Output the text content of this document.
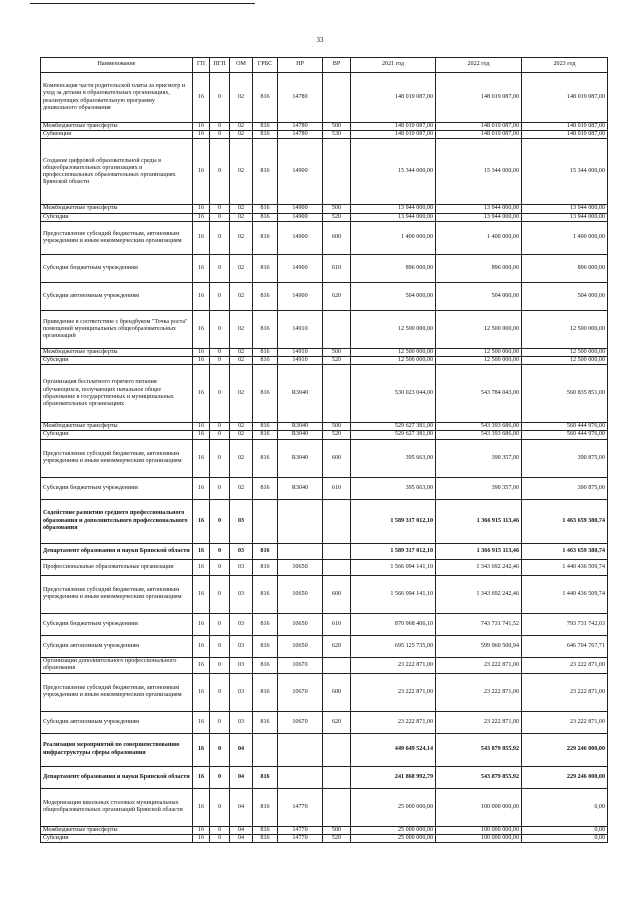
33
Наименование	ГП	ПГП	ОМ	ГРБС	НР	ВР	2021 год	2022 год	2023 год
Компенсация части родительской платы за присмотр и уход за детьми в образовательных организациях, реализующих образовательную программу дошкольного образования	16	0	02	816	14780		148 019 087,00	148 019 087,00	148 019 087,00
Межбюджетные трансферты	16	0	02	816	14780	500	148 019 087,00	148 019 087,00	148 019 087,00
Субвенции	16	0	02	816	14780	530	148 019 087,00	148 019 087,00	148 019 087,00
Создание цифровой образовательной среды в общеобразовательных организациях и профессиональных образовательных организациях Брянской области	16	0	02	816	14900		15 344 000,00	15 344 000,00	15 344 000,00
Межбюджетные трансферты	16	0	02	816	14900	500	13 944 000,00	13 944 000,00	13 944 000,00
Субсидии	16	0	02	816	14900	520	13 944 000,00	13 944 000,00	13 944 000,00
Предоставление субсидий бюджетным, автономным учреждениям и иным некоммерческим организациям	16	0	02	816	14900	600	1 400 000,00	1 400 000,00	1 400 000,00
Субсидии бюджетным учреждениям	16	0	02	816	14900	610	896 000,00	896 000,00	896 000,00
Субсидии автономным учреждениям	16	0	02	816	14900	620	504 000,00	504 000,00	504 000,00
Приведение в соответствие с брендбуком "Точка роста" помещений муниципальных общеобразовательных организаций	16	0	02	816	14910		12 500 000,00	12 500 000,00	12 500 000,00
Межбюджетные трансферты	16	0	02	816	14910	500	12 500 000,00	12 500 000,00	12 500 000,00
Субсидии	16	0	02	816	14910	520	12 500 000,00	12 500 000,00	12 500 000,00
Организация бесплатного горячего питания обучающихся, получающих начальное общее образование в государственных и муниципальных образовательных организациях	16	0	02	816	R3040		530 023 044,00	543 784 043,00	560 835 851,00
Межбюджетные трансферты	16	0	02	816	R3040	500	529 627 381,00	543 393 686,00	560 444 976,00
Субсидии	16	0	02	816	R3040	520	529 627 381,00	543 393 686,00	560 444 976,00
Предоставление субсидий бюджетным, автономным учреждениям и иным некоммерческим организациям	16	0	02	816	R3040	600	395 663,00	390 357,00	390 875,00
Субсидии бюджетным учреждениям	16	0	02	816	R3040	610	395 663,00	390 357,00	390 875,00
Содействие развитию среднего профессионального образования и дополнительного профессионального образования	16	0	03				1 589 317 012,10	1 366 915 113,46	1 463 659 380,74
Департамент образования и науки Брянской области	16	0	03	816			1 589 317 012,10	1 366 915 113,46	1 463 659 380,74
Профессиональные образовательные организации	16	0	03	816	10650		1 566 094 141,10	1 343 692 242,46	1 440 436 509,74
Предоставление субсидий бюджетным, автономным учреждениям и иным некоммерческим организациям	16	0	03	816	10650	600	1 566 094 141,10	1 343 692 242,46	1 440 436 509,74
Субсидии бюджетным учреждениям	16	0	03	816	10650	610	870 968 406,10	743 731 741,52	793 731 742,03
Субсидии автономным учреждениям	16	0	03	816	10650	620	695 125 735,00	599 960 500,94	646 704 767,71
Организации дополнительного профессионального образования	16	0	03	816	10670		23 222 871,00	23 222 871,00	23 222 871,00
Предоставление субсидий бюджетным, автономным учреждениям и иным некоммерческим организациям	16	0	03	816	10670	600	23 222 871,00	23 222 871,00	23 222 871,00
Субсидии автономным учреждениям	16	0	03	816	10670	620	23 222 871,00	23 222 871,00	23 222 871,00
Реализация мероприятий по совершенствованию инфраструктуры сферы образования	16	0	04				449 649 524,14	543 879 855,92	229 246 000,00
Департамент образования и науки Брянской области	16	0	04	816			241 868 992,79	543 879 855,92	229 246 000,00
Модернизация школьных столовых муниципальных общеобразовательных организаций Брянской области	16	0	04	816	14770		25 000 000,00	100 000 000,00	0,00
Межбюджетные трансферты	16	0	04	816	14770	500	25 000 000,00	100 000 000,00	0,00
Субсидии	16	0	04	816	14770	520	25 000 000,00	100 000 000,00	0,00
